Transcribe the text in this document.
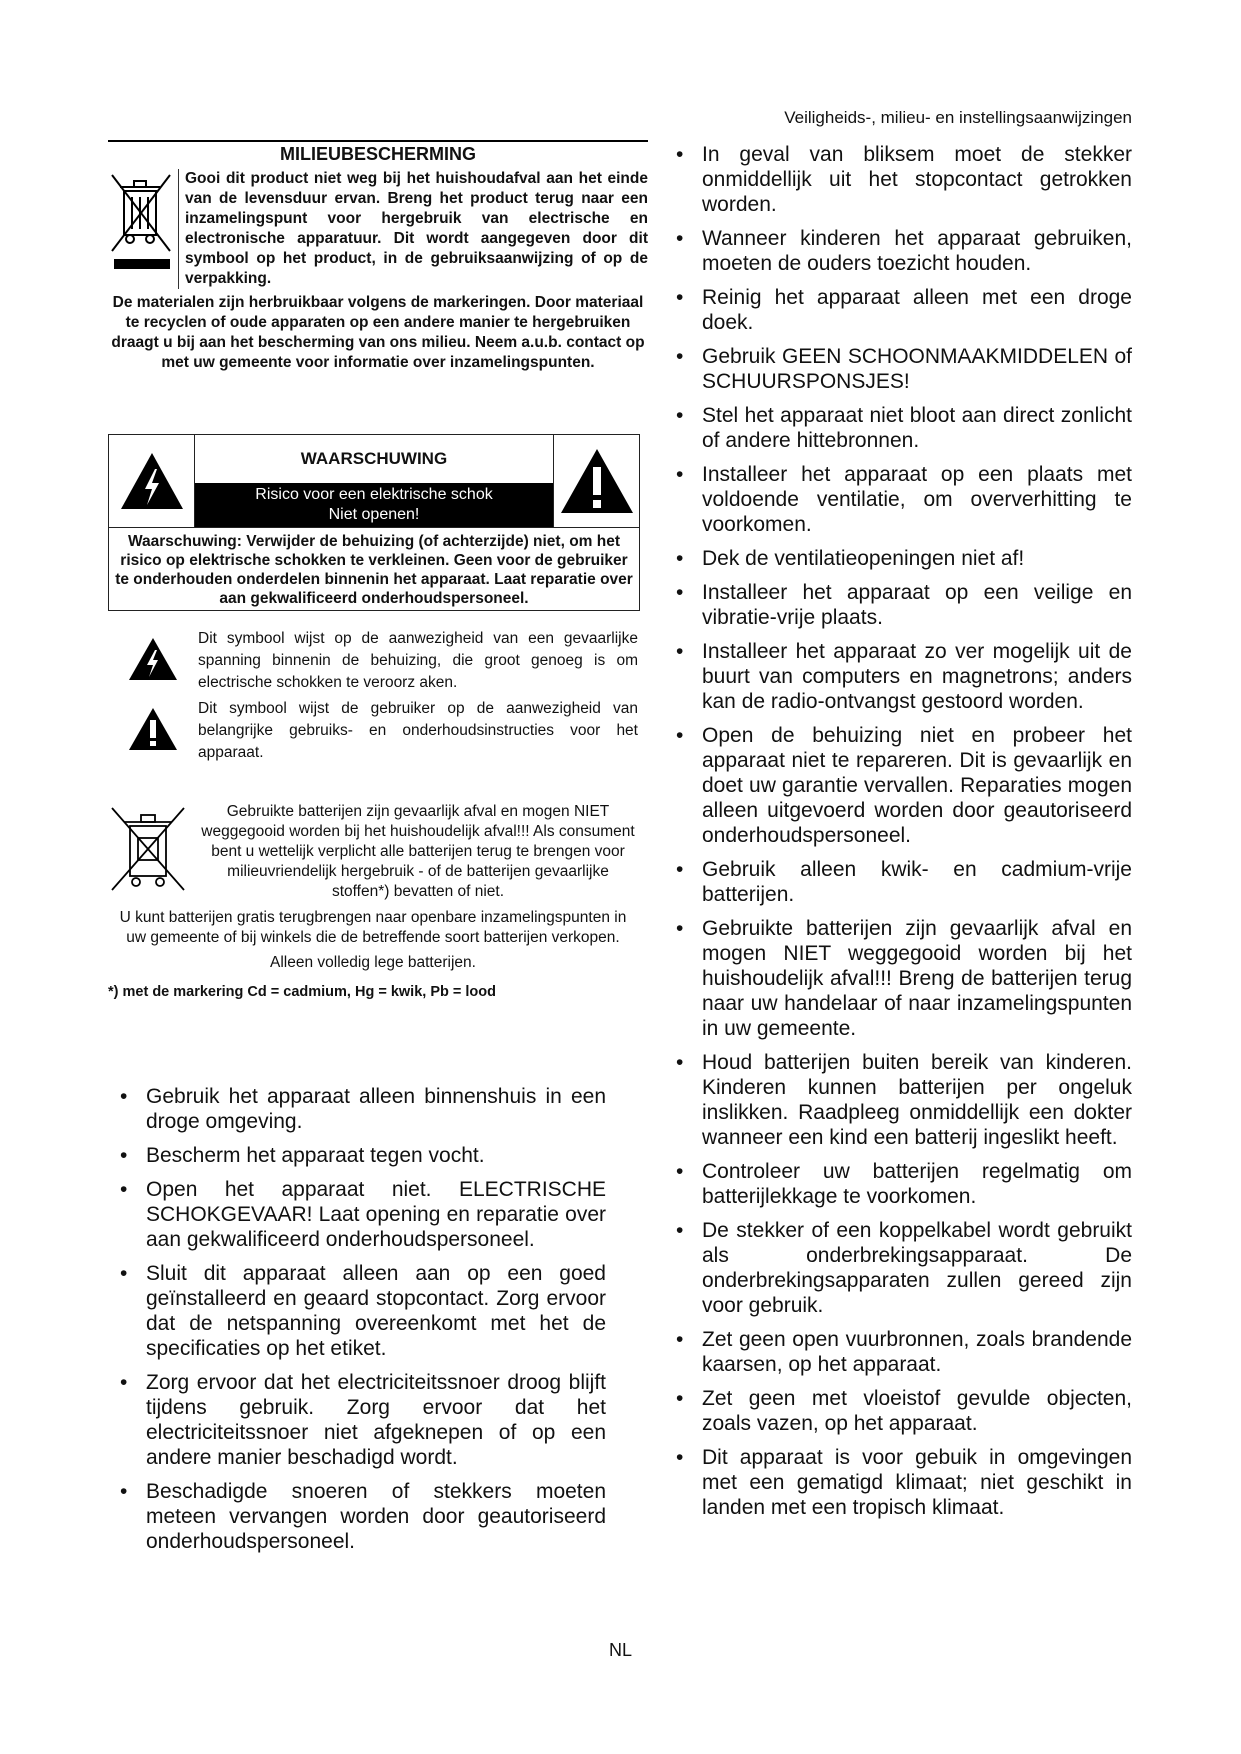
Veiligheids-, milieu- en instellingsaanwijzingen
MILIEUBESCHERMING
Gooi dit product niet weg bij het huishoudafval aan het einde van de levensduur ervan. Breng het product terug naar een inzamelingspunt voor hergebruik van electrische en electronische apparatuur. Dit wordt aangegeven door dit symbool op het product, in de gebruiksaanwijzing of op de verpakking.
De materialen zijn herbruikbaar volgens de markeringen. Door materiaal te recyclen of oude apparaten op een andere manier te hergebruiken draagt u bij aan het bescherming van ons milieu. Neem a.u.b. contact op met uw gemeente voor informatie over inzamelingspunten.
WAARSCHUWING
Risico voor een elektrische schok
Niet openen!
Waarschuwing: Verwijder de behuizing (of achterzijde) niet, om het risico op elektrische schokken te verkleinen. Geen voor de gebruiker te onderhouden onderdelen binnenin het apparaat. Laat reparatie over aan gekwalificeerd onderhoudspersoneel.
Dit symbool wijst op de aanwezigheid van een gevaarlijke spanning binnenin de behuizing, die groot genoeg is om electrische schokken te veroorz aken.
Dit symbool wijst de gebruiker op de aanwezigheid van belangrijke gebruiks- en onderhoudsinstructies voor het apparaat.
Gebruikte batterijen zijn gevaarlijk afval en mogen NIET weggegooid worden bij het huishoudelijk afval!!! Als consument bent u wettelijk verplicht alle batterijen terug te brengen voor milieuvriendelijk hergebruik - of de batterijen gevaarlijke stoffen*) bevatten of niet.
U kunt batterijen gratis terugbrengen naar openbare inzamelingspunten in uw gemeente of bij winkels die de betreffende soort batterijen verkopen.
Alleen volledig lege batterijen.
*) met de markering Cd = cadmium, Hg = kwik, Pb = lood
• Gebruik het apparaat alleen binnenshuis in een droge omgeving.
• Bescherm het apparaat tegen vocht.
• Open het apparaat niet. ELECTRISCHE SCHOKGEVAAR! Laat opening en reparatie over aan gekwalificeerd onderhoudspersoneel.
• Sluit dit apparaat alleen aan op een goed geïnstalleerd en geaard stopcontact. Zorg ervoor dat de netspanning overeenkomt met het de specificaties op het etiket.
• Zorg ervoor dat het electriciteitssnoer droog blijft tijdens gebruik. Zorg ervoor dat het electriciteitssnoer niet afgeknepen of op een andere manier beschadigd wordt.
• Beschadigde snoeren of stekkers moeten meteen vervangen worden door geautoriseerd onderhoudspersoneel.
• In geval van bliksem moet de stekker onmiddellijk uit het stopcontact getrokken worden.
• Wanneer kinderen het apparaat gebruiken, moeten de ouders toezicht houden.
• Reinig het apparaat alleen met een droge doek.
• Gebruik GEEN SCHOONMAAKMIDDELEN of SCHUURSPONSJES!
• Stel het apparaat niet bloot aan direct zonlicht of andere hittebronnen.
• Installeer het apparaat op een plaats met voldoende ventilatie, om oververhitting te voorkomen.
• Dek de ventilatieopeningen niet af!
• Installeer het apparaat op een veilige en vibratie-vrije plaats.
• Installeer het apparaat zo ver mogelijk uit de buurt van computers en magnetrons; anders kan de radio-ontvangst gestoord worden.
• Open de behuizing niet en probeer het apparaat niet te repareren. Dit is gevaarlijk en doet uw garantie vervallen. Reparaties mogen alleen uitgevoerd worden door geautoriseerd onderhoudspersoneel.
• Gebruik alleen kwik- en cadmium-vrije batterijen.
• Gebruikte batterijen zijn gevaarlijk afval en mogen NIET weggegooid worden bij het huishoudelijk afval!!! Breng de batterijen terug naar uw handelaar of naar inzamelingspunten in uw gemeente.
• Houd batterijen buiten bereik van kinderen. Kinderen kunnen batterijen per ongeluk inslikken. Raadpleeg onmiddellijk een dokter wanneer een kind een batterij ingeslikt heeft.
• Controleer uw batterijen regelmatig om batterijlekkage te voorkomen.
• De stekker of een koppelkabel wordt gebruikt als onderbrekingsapparaat. De onderbrekingsapparaten zullen gereed zijn voor gebruik.
• Zet geen open vuurbronnen, zoals brandende kaarsen, op het apparaat.
• Zet geen met vloeistof gevulde objecten, zoals vazen, op het apparaat.
• Dit apparaat is voor gebuik in omgevingen met een gematigd klimaat; niet geschikt in landen met een tropisch klimaat.
NL
